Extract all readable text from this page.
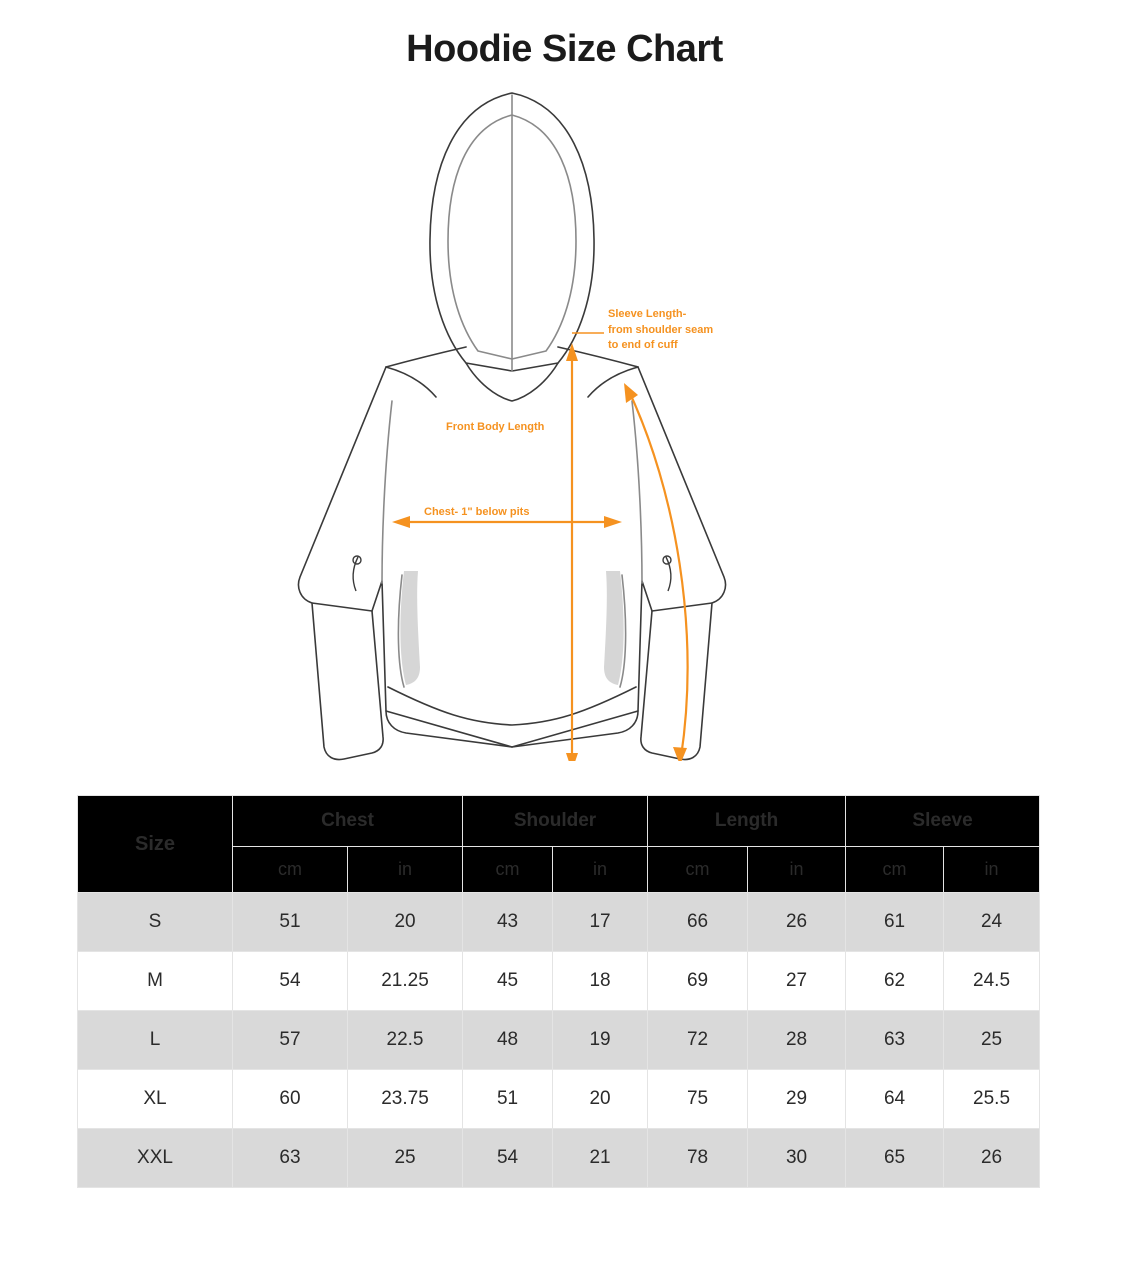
Hoodie Size Chart
Sleeve Length-
from shoulder seam
to end of cuff
Front Body Length
Chest- 1" below pits
Size	Chest		Shoulder		Length		Sleeve	
	cm	in	cm	in	cm	in	cm	in
S	51	20	43	17	66	26	61	24
M	54	21.25	45	18	69	27	62	24.5
L	57	22.5	48	19	72	28	63	25
XL	60	23.75	51	20	75	29	64	25.5
XXL	63	25	54	21	78	30	65	26
